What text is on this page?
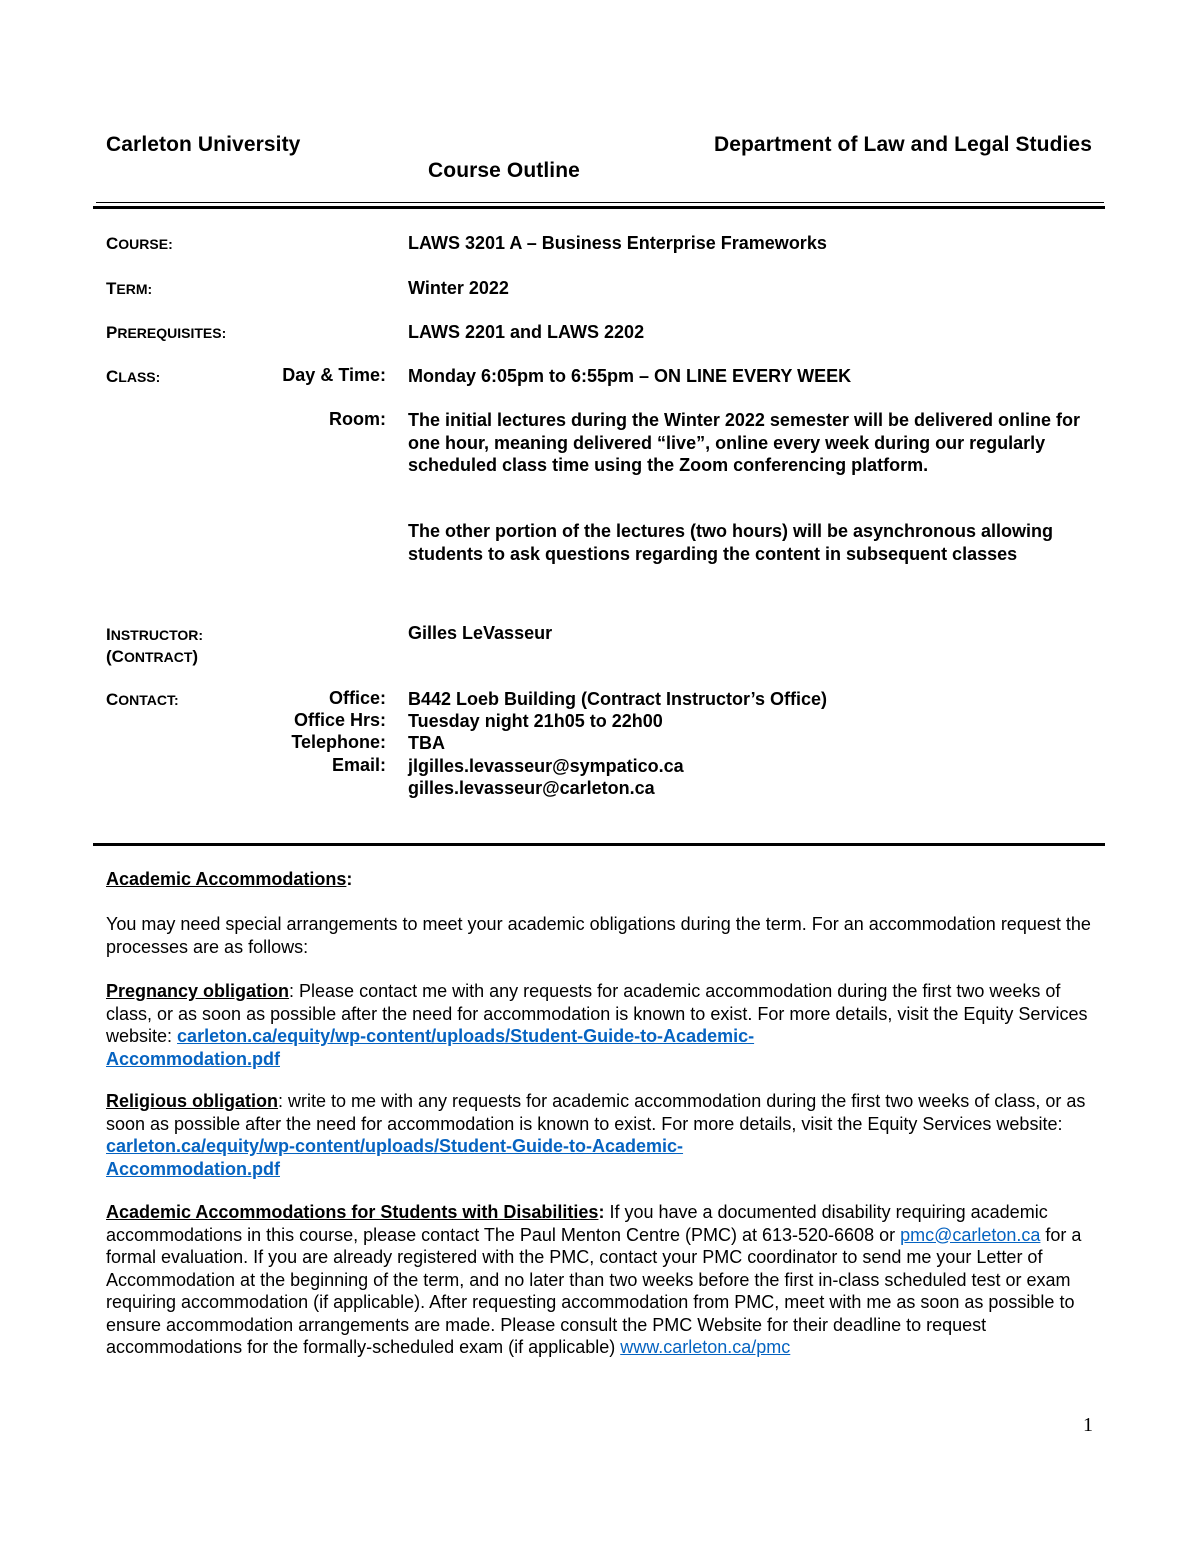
Carleton University	Department of Law and Legal Studies
Course Outline
COURSE:	LAWS 3201 A – Business Enterprise Frameworks
TERM:	Winter 2022
PREREQUISITES:	LAWS 2201 and LAWS 2202
CLASS:	Day & Time: Monday 6:05pm to 6:55pm – ON LINE EVERY WEEK
Room: The initial lectures during the Winter 2022 semester will be delivered online for one hour, meaning delivered “live”, online every week during our regularly scheduled class time using the Zoom conferencing platform.
The other portion of the lectures (two hours) will be asynchronous allowing students to ask questions regarding the content in subsequent classes
INSTRUCTOR:
(CONTRACT)
Gilles LeVasseur
CONTACT:	Office: B442 Loeb Building (Contract Instructor’s Office)
Office Hrs: Tuesday night 21h05 to 22h00
Telephone: TBA
Email: jlgilles.levasseur@sympatico.ca
gilles.levasseur@carleton.ca
Academic Accommodations:
You may need special arrangements to meet your academic obligations during the term. For an accommodation request the processes are as follows:
Pregnancy obligation: Please contact me with any requests for academic accommodation during the first two weeks of class, or as soon as possible after the need for accommodation is known to exist. For more details, visit the Equity Services website: carleton.ca/equity/wp-content/uploads/Student-Guide-to-Academic-
Accommodation.pdf
Religious obligation: write to me with any requests for academic accommodation during the first two weeks of class, or as soon as possible after the need for accommodation is known to exist. For more details, visit the Equity Services website: carleton.ca/equity/wp-content/uploads/Student-Guide-to-Academic-
Accommodation.pdf
Academic Accommodations for Students with Disabilities: If you have a documented disability requiring academic accommodations in this course, please contact The Paul Menton Centre (PMC) at 613-520-6608 or pmc@carleton.ca for a formal evaluation. If you are already registered with the PMC, contact your PMC coordinator to send me your Letter of Accommodation at the beginning of the term, and no later than two weeks before the first in-class scheduled test or exam requiring accommodation (if applicable). After requesting accommodation from PMC, meet with me as soon as possible to ensure accommodation arrangements are made. Please consult the PMC Website for their deadline to request accommodations for the formally-scheduled exam (if applicable) www.carleton.ca/pmc
1
